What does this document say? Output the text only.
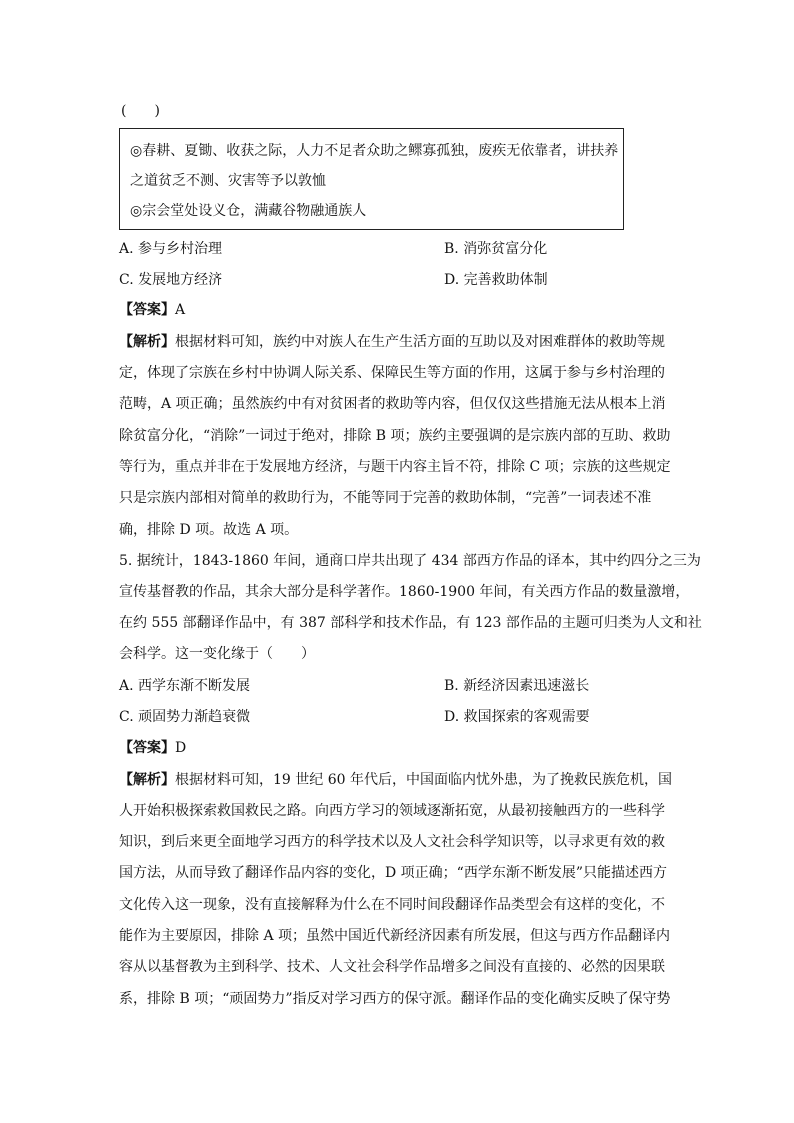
(　　)
◎春耕、夏锄、收获之际，人力不足者众助之鳏寡孤独，废疾无依靠者，讲扶养
之道贫乏不测、灾害等予以敦恤
◎宗会堂处设义仓，满藏谷物融通族人
A. 参与乡村治理	B. 消弥贫富分化
C. 发展地方经济	D. 完善救助体制
【答案】A
【解析】根据材料可知，族约中对族人在生产生活方面的互助以及对困难群体的救助等规
定，体现了宗族在乡村中协调人际关系、保障民生等方面的作用，这属于参与乡村治理的
范畴，A 项正确；虽然族约中有对贫困者的救助等内容，但仅仅这些措施无法从根本上消
除贫富分化，“消除”一词过于绝对，排除 B 项；族约主要强调的是宗族内部的互助、救助
等行为，重点并非在于发展地方经济，与题干内容主旨不符，排除 C 项；宗族的这些规定
只是宗族内部相对简单的救助行为，不能等同于完善的救助体制，“完善”一词表述不准
确，排除 D 项。故选 A 项。
5. 据统计，1843-1860 年间，通商口岸共出现了 434 部西方作品的译本，其中约四分之三为
宣传基督教的作品，其余大部分是科学著作。1860-1900 年间，有关西方作品的数量激增，
在约 555 部翻译作品中，有 387 部科学和技术作品，有 123 部作品的主题可归类为人文和社
会科学。这一变化缘于（　　）
A. 西学东渐不断发展	B. 新经济因素迅速滋长
C. 顽固势力渐趋衰微	D. 救国探索的客观需要
【答案】D
【解析】根据材料可知，19 世纪 60 年代后，中国面临内忧外患，为了挽救民族危机，国
人开始积极探索救国救民之路。向西方学习的领域逐渐拓宽，从最初接触西方的一些科学
知识，到后来更全面地学习西方的科学技术以及人文社会科学知识等，以寻求更有效的救
国方法，从而导致了翻译作品内容的变化，D 项正确；“西学东渐不断发展”只能描述西方
文化传入这一现象，没有直接解释为什么在不同时间段翻译作品类型会有这样的变化，不
能作为主要原因，排除 A 项；虽然中国近代新经济因素有所发展，但这与西方作品翻译内
容从以基督教为主到科学、技术、人文社会科学作品增多之间没有直接的、必然的因果联
系，排除 B 项；“顽固势力”指反对学习西方的保守派。翻译作品的变化确实反映了保守势
